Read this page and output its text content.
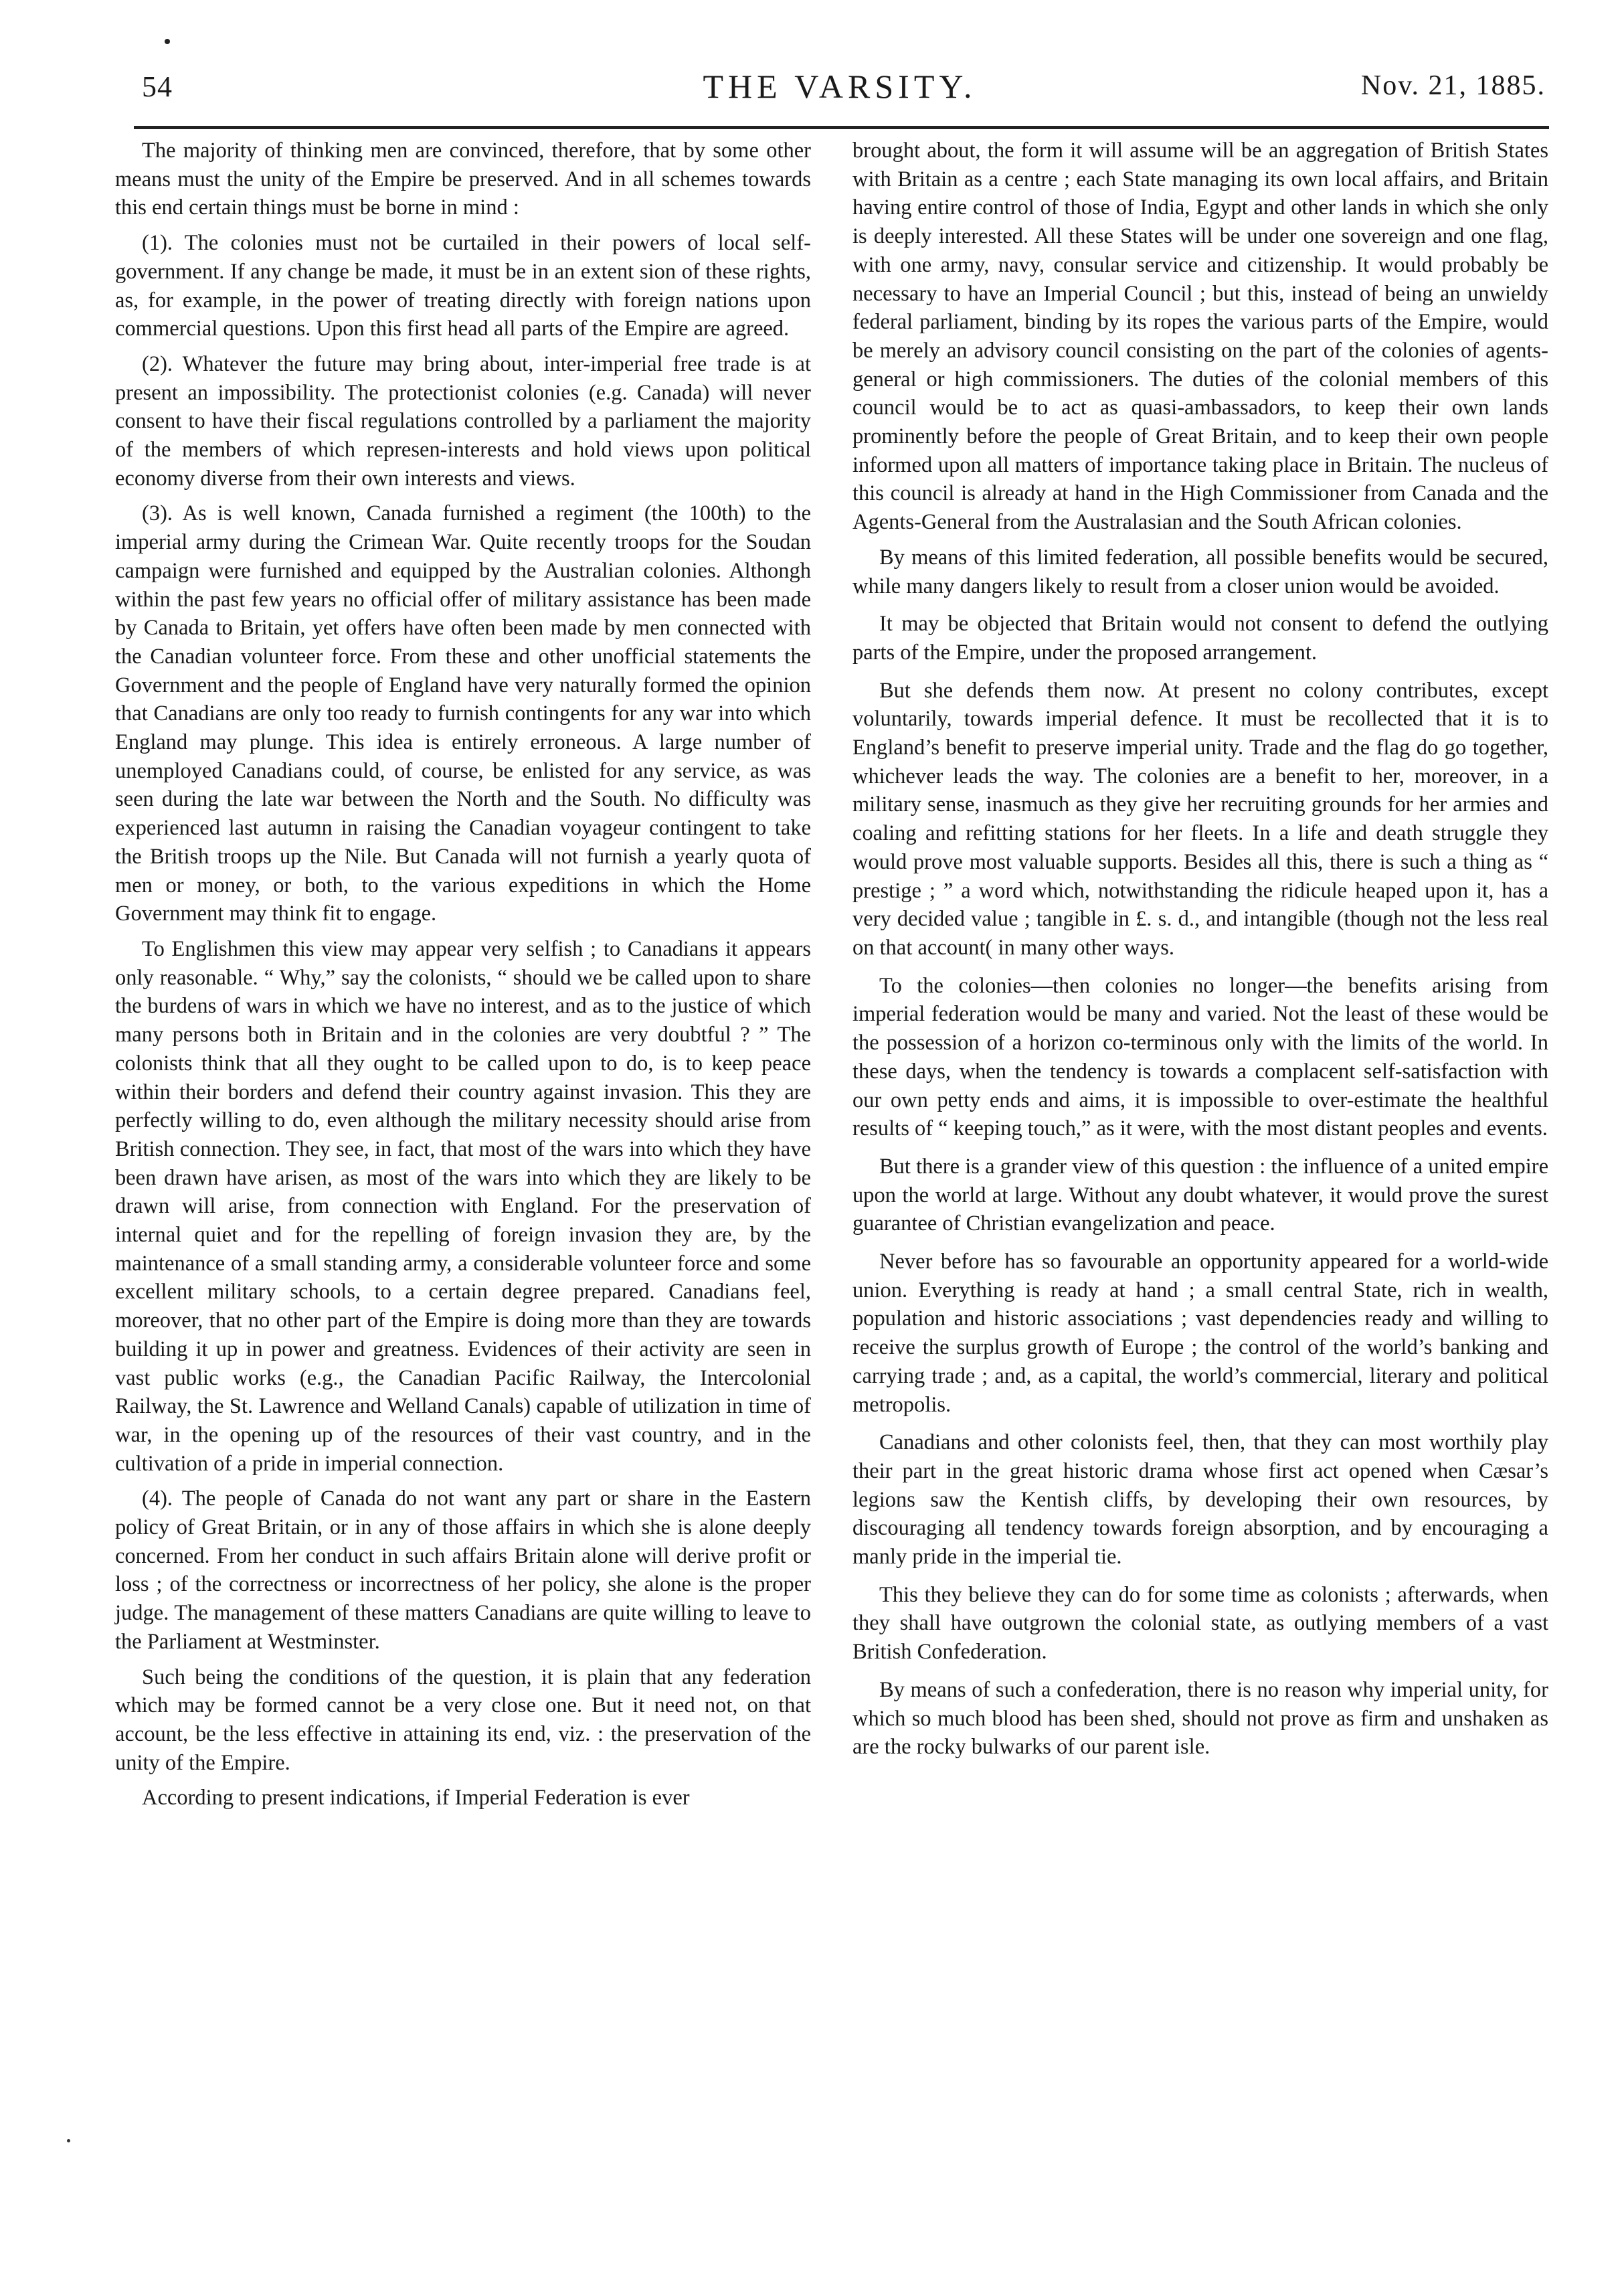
54	THE VARSITY.	Nov. 21, 1885.

The majority of thinking men are convinced, therefore, that by some other means must the unity of the Empire be preserved. And in all schemes towards this end certain things must be borne in mind :

(1). The colonies must not be curtailed in their powers of local self-government. If any change be made, it must be in an extent sion of these rights, as, for example, in the power of treating directly with foreign nations upon commercial questions. Upon this first head all parts of the Empire are agreed.

(2). Whatever the future may bring about, inter-imperial free trade is at present an impossibility. The protectionist colonies (e.g. Canada) will never consent to have their fiscal regulations controlled by a parliament the majority of the members of which represen-interests and hold views upon political economy diverse from their own interests and views.

(3). As is well known, Canada furnished a regiment (the 100th) to the imperial army during the Crimean War. Quite recently troops for the Soudan campaign were furnished and equipped by the Australian colonies. Althongh within the past few years no official offer of military assistance has been made by Canada to Britain, yet offers have often been made by men connected with the Canadian volunteer force. From these and other unofficial statements the Government and the people of England have very naturally formed the opinion that Canadians are only too ready to furnish contingents for any war into which England may plunge. This idea is entirely erroneous. A large number of unemployed Canadians could, of course, be enlisted for any service, as was seen during the late war between the North and the South. No difficulty was experienced last autumn in raising the Canadian voyageur contingent to take the British troops up the Nile. But Canada will not furnish a yearly quota of men or money, or both, to the various expeditions in which the Home Government may think fit to engage.

To Englishmen this view may appear very selfish ; to Canadians it appears only reasonable. “ Why,” say the colonists, “ should we be called upon to share the burdens of wars in which we have no interest, and as to the justice of which many persons both in Britain and in the colonies are very doubtful ? ” The colonists think that all they ought to be called upon to do, is to keep peace within their borders and defend their country against invasion. This they are perfectly willing to do, even although the military necessity should arise from British connection. They see, in fact, that most of the wars into which they have been drawn have arisen, as most of the wars into which they are likely to be drawn will arise, from connection with England. For the preservation of internal quiet and for the repelling of foreign invasion they are, by the maintenance of a small standing army, a considerable volunteer force and some excellent military schools, to a certain degree prepared. Canadians feel, moreover, that no other part of the Empire is doing more than they are towards building it up in power and greatness. Evidences of their activity are seen in vast public works (e.g., the Canadian Pacific Railway, the Intercolonial Railway, the St. Lawrence and Welland Canals) capable of utilization in time of war, in the opening up of the resources of their vast country, and in the cultivation of a pride in imperial connection.

(4). The people of Canada do not want any part or share in the Eastern policy of Great Britain, or in any of those affairs in which she is alone deeply concerned. From her conduct in such affairs Britain alone will derive profit or loss ; of the correctness or incorrectness of her policy, she alone is the proper judge. The management of these matters Canadians are quite willing to leave to the Parliament at Westminster.

Such being the conditions of the question, it is plain that any federation which may be formed cannot be a very close one. But it need not, on that account, be the less effective in attaining its end, viz. : the preservation of the unity of the Empire.

According to present indications, if Imperial Federation is ever

brought about, the form it will assume will be an aggregation of British States with Britain as a centre ; each State managing its own local affairs, and Britain having entire control of those of India, Egypt and other lands in which she only is deeply interested. All these States will be under one sovereign and one flag, with one army, navy, consular service and citizenship. It would probably be necessary to have an Imperial Council ; but this, instead of being an unwieldy federal parliament, binding by its ropes the various parts of the Empire, would be merely an advisory council consisting on the part of the colonies of agents-general or high commissioners. The duties of the colonial members of this council would be to act as quasi-ambassadors, to keep their own lands prominently before the people of Great Britain, and to keep their own people informed upon all matters of importance taking place in Britain. The nucleus of this council is already at hand in the High Commissioner from Canada and the Agents-General from the Australasian and the South African colonies.

By means of this limited federation, all possible benefits would be secured, while many dangers likely to result from a closer union would be avoided.

It may be objected that Britain would not consent to defend the outlying parts of the Empire, under the proposed arrangement.

But she defends them now. At present no colony contributes, except voluntarily, towards imperial defence. It must be recollected that it is to England’s benefit to preserve imperial unity. Trade and the flag do go together, whichever leads the way. The colonies are a benefit to her, moreover, in a military sense, inasmuch as they give her recruiting grounds for her armies and coaling and refitting stations for her fleets. In a life and death struggle they would prove most valuable supports. Besides all this, there is such a thing as “ prestige ; ” a word which, notwithstanding the ridicule heaped upon it, has a very decided value ; tangible in £. s. d., and intangible (though not the less real on that account( in many other ways.

To the colonies—then colonies no longer—the benefits arising from imperial federation would be many and varied. Not the least of these would be the possession of a horizon co-terminous only with the limits of the world. In these days, when the tendency is towards a complacent self-satisfaction with our own petty ends and aims, it is impossible to over-estimate the healthful results of “ keeping touch,” as it were, with the most distant peoples and events.

But there is a grander view of this question : the influence of a united empire upon the world at large. Without any doubt whatever, it would prove the surest guarantee of Christian evangelization and peace.

Never before has so favourable an opportunity appeared for a world-wide union. Everything is ready at hand ; a small central State, rich in wealth, population and historic associations ; vast dependencies ready and willing to receive the surplus growth of Europe ; the control of the world’s banking and carrying trade ; and, as a capital, the world’s commercial, literary and political metropolis.

Canadians and other colonists feel, then, that they can most worthily play their part in the great historic drama whose first act opened when Cæsar’s legions saw the Kentish cliffs, by developing their own resources, by discouraging all tendency towards foreign absorption, and by encouraging a manly pride in the imperial tie.

This they believe they can do for some time as colonists ; afterwards, when they shall have outgrown the colonial state, as outlying members of a vast British Confederation.

By means of such a confederation, there is no reason why imperial unity, for which so much blood has been shed, should not prove as firm and unshaken as are the rocky bulwarks of our parent isle.
